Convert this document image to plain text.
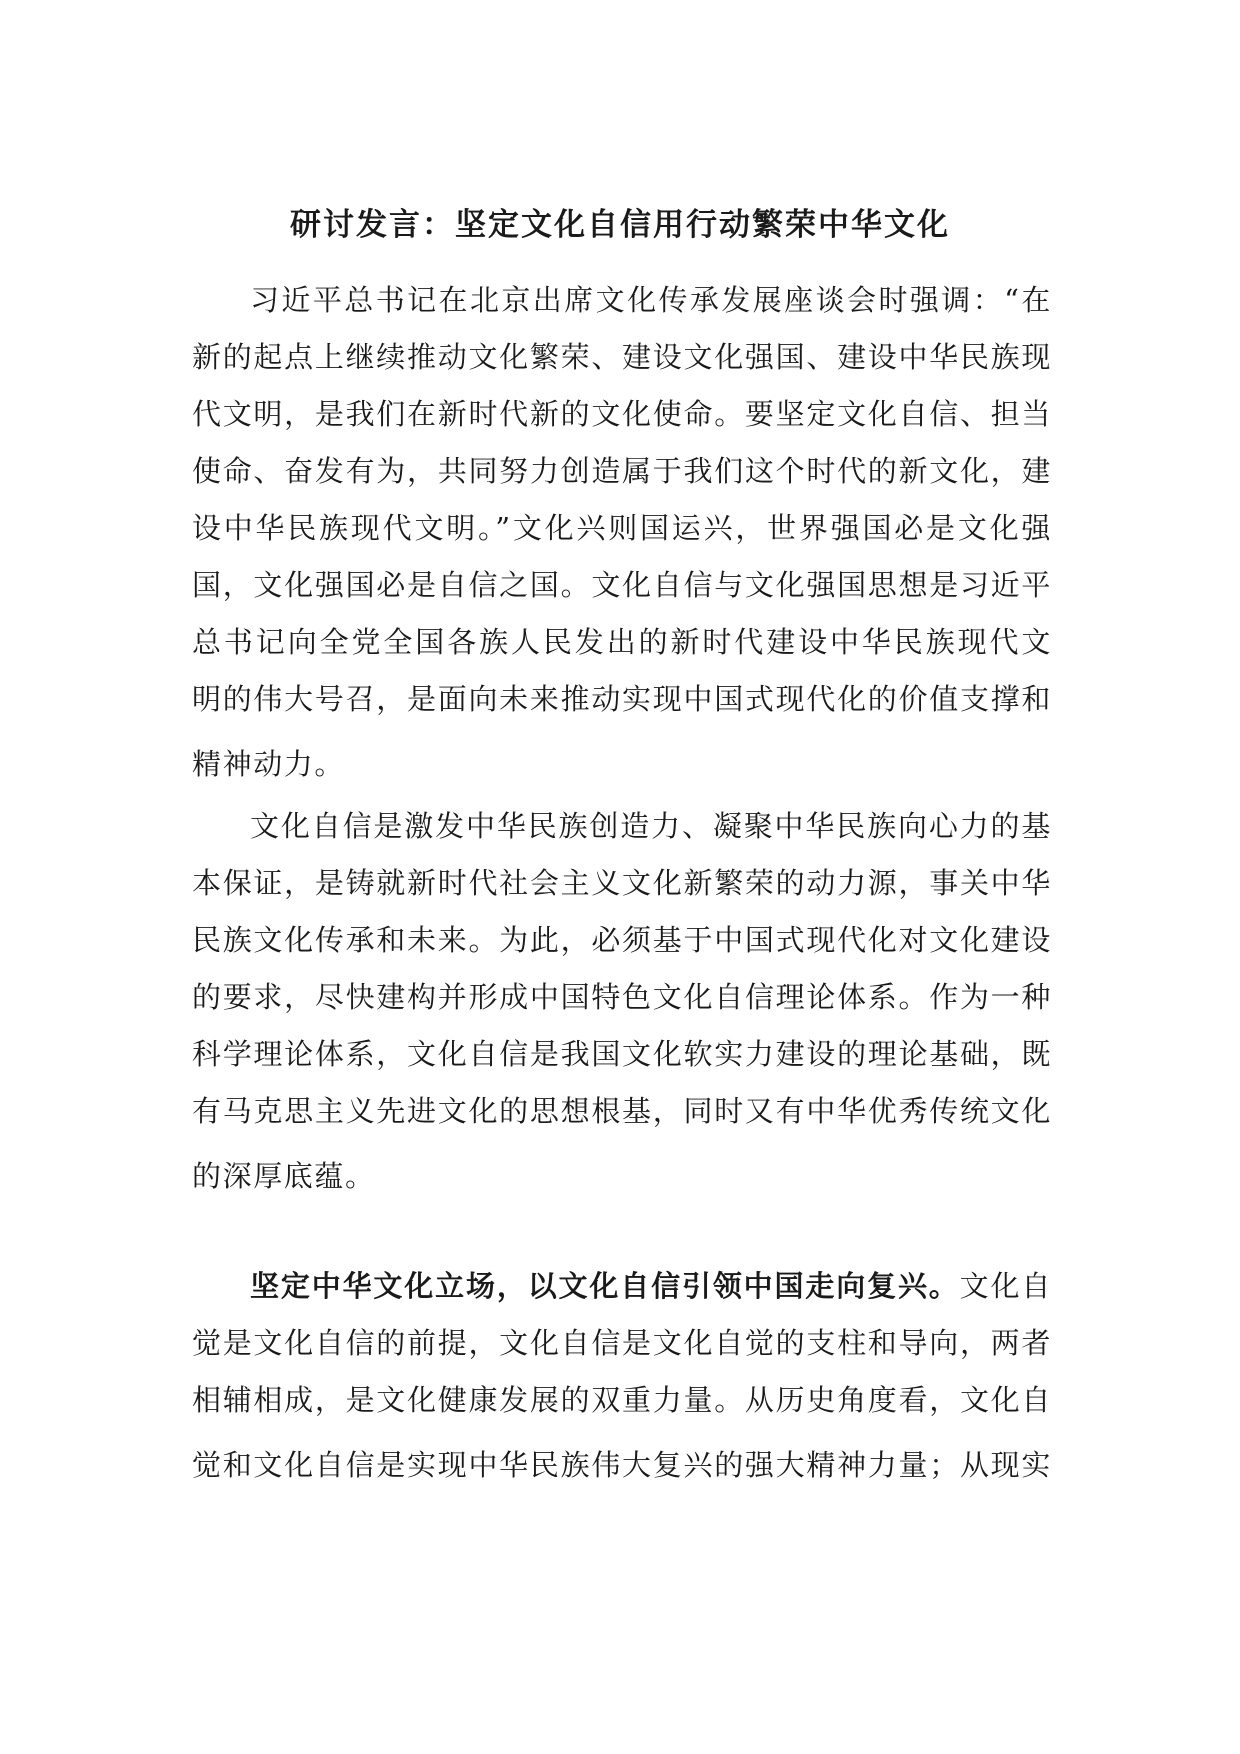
研讨发言：坚定文化自信用行动繁荣中华文化
习近平总书记在北京出席文化传承发展座谈会时强调：“在
新的起点上继续推动文化繁荣、建设文化强国、建设中华民族现
代文明，是我们在新时代新的文化使命。要坚定文化自信、担当
使命、奋发有为，共同努力创造属于我们这个时代的新文化，建
设中华民族现代文明。”文化兴则国运兴，世界强国必是文化强
国，文化强国必是自信之国。文化自信与文化强国思想是习近平
总书记向全党全国各族人民发出的新时代建设中华民族现代文
明的伟大号召，是面向未来推动实现中国式现代化的价值支撑和
精神动力。
文化自信是激发中华民族创造力、凝聚中华民族向心力的基
本保证，是铸就新时代社会主义文化新繁荣的动力源，事关中华
民族文化传承和未来。为此，必须基于中国式现代化对文化建设
的要求，尽快建构并形成中国特色文化自信理论体系。作为一种
科学理论体系，文化自信是我国文化软实力建设的理论基础，既
有马克思主义先进文化的思想根基，同时又有中华优秀传统文化
的深厚底蕴。
坚定中华文化立场，以文化自信引领中国走向复兴。文化自
觉是文化自信的前提，文化自信是文化自觉的支柱和导向，两者
相辅相成，是文化健康发展的双重力量。从历史角度看，文化自
觉和文化自信是实现中华民族伟大复兴的强大精神力量；从现实
